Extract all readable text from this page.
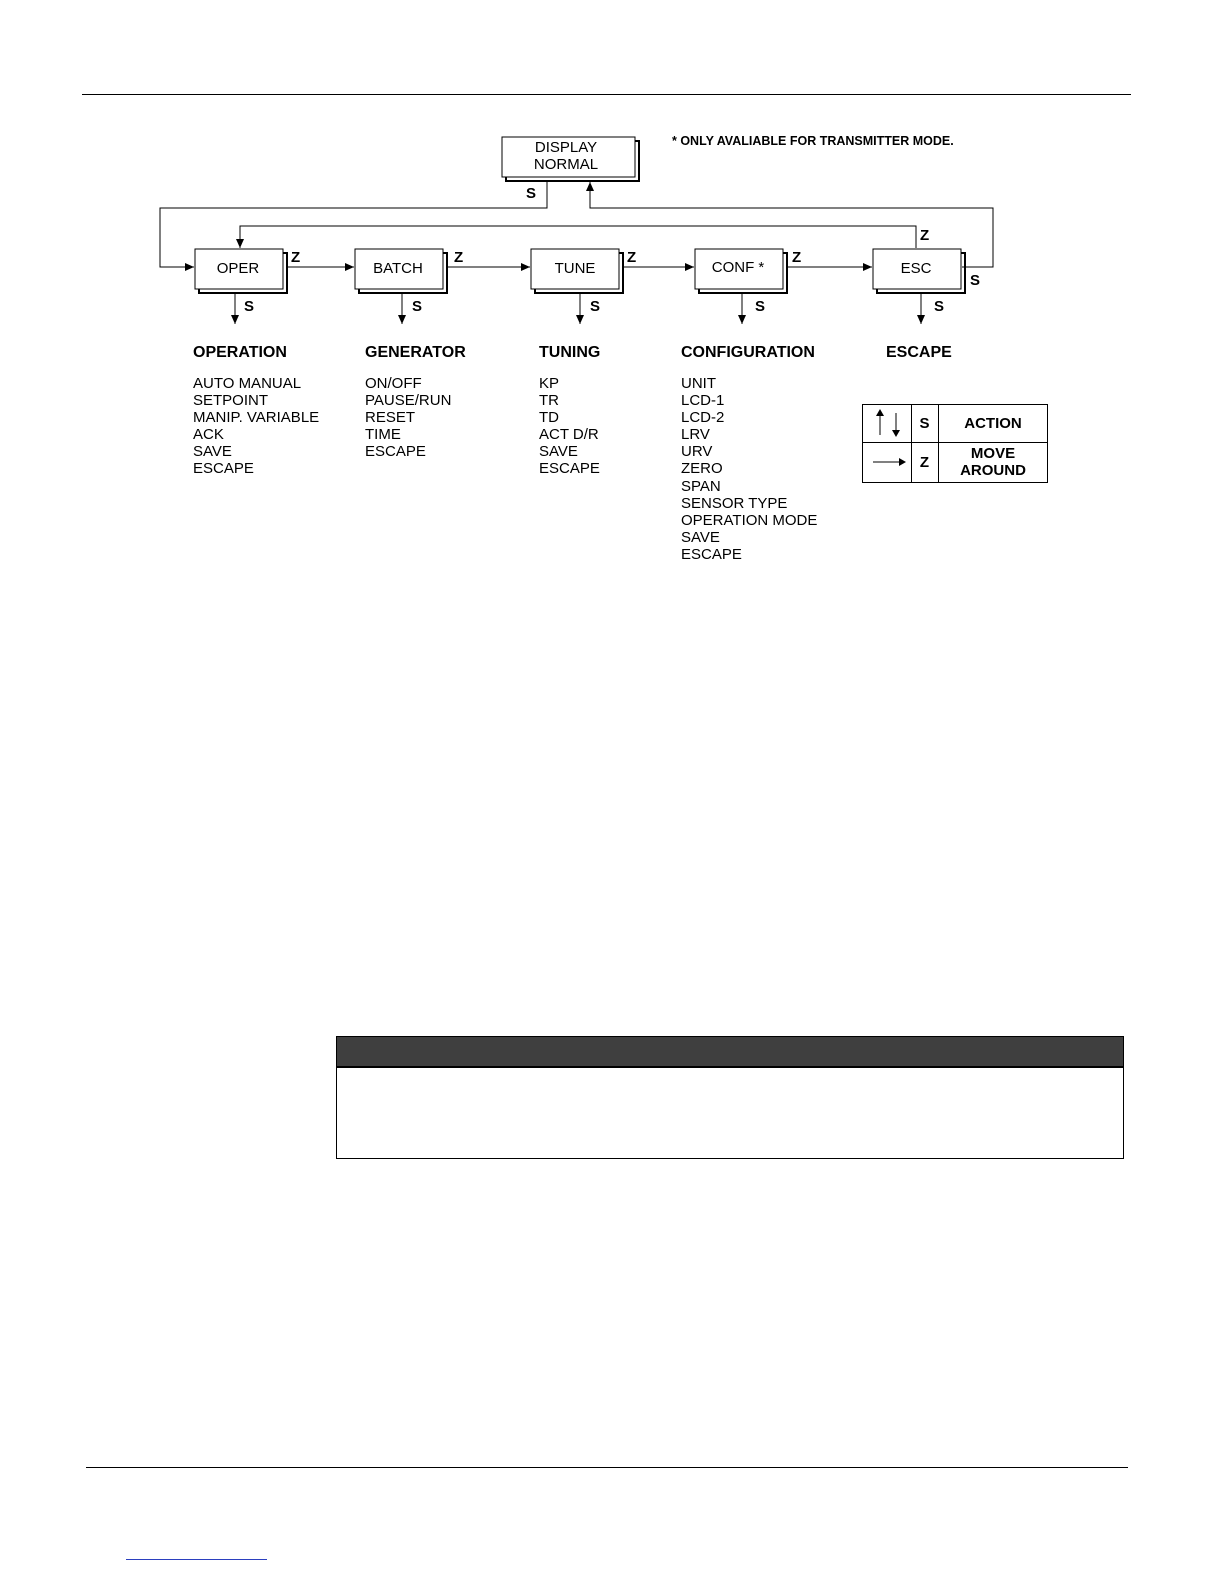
DISPLAY
NORMAL
OPER	BATCH	TUNE	CONF *	ESC
S
S
Z
Z	Z	Z	Z
S	S	S	S	S
* ONLY AVALIABLE FOR TRANSMITTER MODE.
OPERATION
AUTO MANUAL
SETPOINT
MANIP. VARIABLE
ACK
SAVE
ESCAPE
GENERATOR
ON/OFF
PAUSE/RUN
RESET
TIME
ESCAPE
TUNING
KP
TR
TD
ACT D/R
SAVE
ESCAPE
CONFIGURATION
UNIT
LCD-1
LCD-2
LRV
URV
ZERO
SPAN
SENSOR TYPE
OPERATION MODE
SAVE
ESCAPE
ESCAPE
S	ACTION
Z	MOVE
AROUND
